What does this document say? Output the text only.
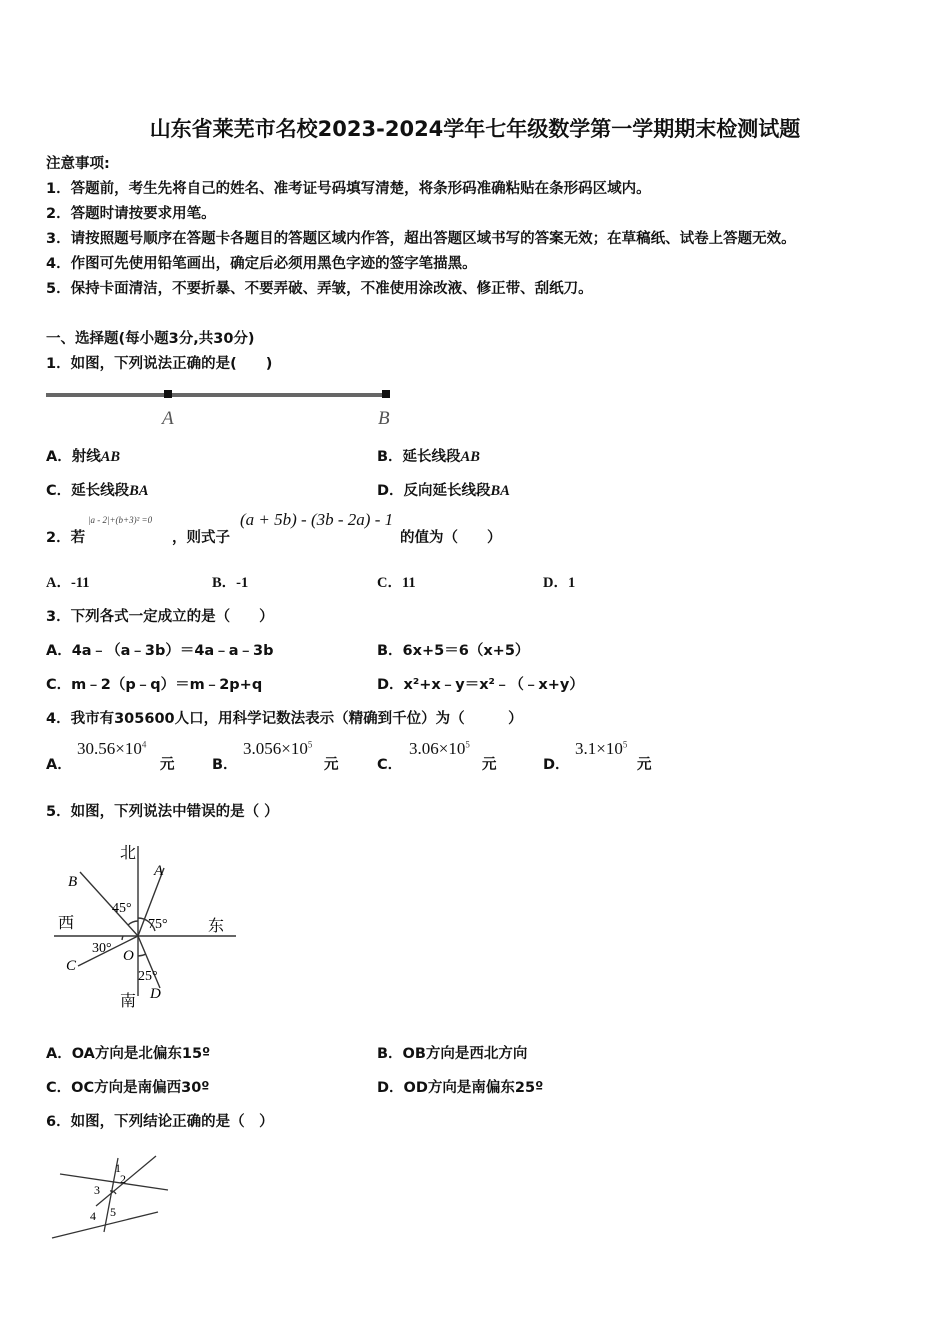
山东省莱芜市名校2023-2024学年七年级数学第一学期期末检测试题
注意事项:
1．答题前，考生先将自己的姓名、准考证号码填写清楚，将条形码准确粘贴在条形码区域内。
2．答题时请按要求用笔。
3．请按照题号顺序在答题卡各题目的答题区域内作答，超出答题区域书写的答案无效；在草稿纸、试卷上答题无效。
4．作图可先使用铅笔画出，确定后必须用黑色字迹的签字笔描黑。
5．保持卡面清洁，不要折暴、不要弄破、弄皱，不准使用涂改液、修正带、刮纸刀。
一、选择题(每小题3分,共30分)
1．如图，下列说法正确的是(　　)
A	B
A．射线AB	B．延长线段AB
C．延长线段BA	D．反向延长线段BA
2．若
|a - 2|+(b+3)² =0
，则式子
(a + 5b) - (3b - 2a) - 1
的值为（　　）
A．-11	B．-1	C．11	D．1
3．下列各式一定成立的是（　　）
A．4a﹣（a﹣3b）＝4a﹣a﹣3b	B．6x+5＝6（x+5）
C．m﹣2（p﹣q）＝m﹣2p+q	D．x²+x﹣y＝x²﹣（﹣x+y）
4．我市有305600人口，用科学记数法表示（精确到千位）为（　　　）
A．
$30.56\times 10^4$
元	B．
$3.056\times 10^5$
元	C．
$3.06\times 10^5$
元	D．
$3.1\times 10^5$
元
5．如图，下列说法中错误的是（ ）
北
南
西	东
O
A
B
C
D
45°
75°
30°
25°
A．OA方向是北偏东15º	B．OB方向是西北方向
C．OC方向是南偏西30º	D．OD方向是南偏东25º
6．如图，下列结论正确的是（　）
1
2
3
4 5
